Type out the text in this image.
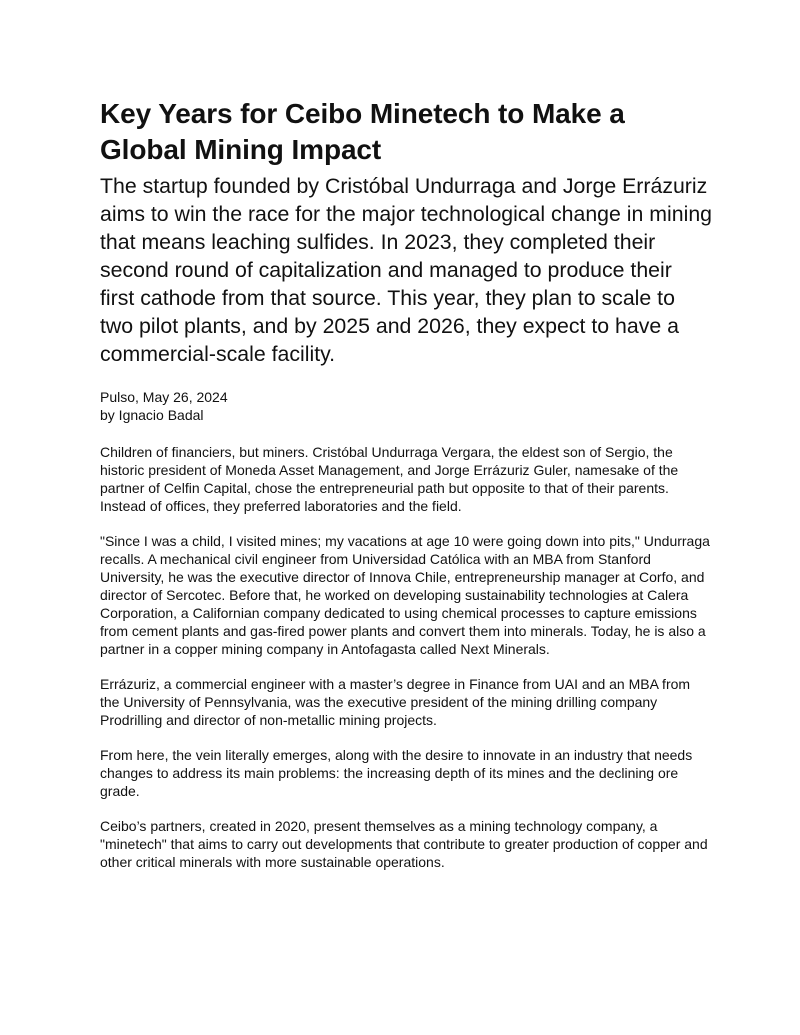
Key Years for Ceibo Minetech to Make a Global Mining Impact
The startup founded by Cristóbal Undurraga and Jorge Errázuriz aims to win the race for the major technological change in mining that means leaching sulfides. In 2023, they completed their second round of capitalization and managed to produce their first cathode from that source. This year, they plan to scale to two pilot plants, and by 2025 and 2026, they expect to have a commercial-scale facility.
Pulso, May 26, 2024
by Ignacio Badal

Children of financiers, but miners. Cristóbal Undurraga Vergara, the eldest son of Sergio, the historic president of Moneda Asset Management, and Jorge Errázuriz Guler, namesake of the partner of Celfin Capital, chose the entrepreneurial path but opposite to that of their parents. Instead of offices, they preferred laboratories and the field.

"Since I was a child, I visited mines; my vacations at age 10 were going down into pits," Undurraga recalls. A mechanical civil engineer from Universidad Católica with an MBA from Stanford University, he was the executive director of Innova Chile, entrepreneurship manager at Corfo, and director of Sercotec. Before that, he worked on developing sustainability technologies at Calera Corporation, a Californian company dedicated to using chemical processes to capture emissions from cement plants and gas-fired power plants and convert them into minerals. Today, he is also a partner in a copper mining company in Antofagasta called Next Minerals.

Errázuriz, a commercial engineer with a master’s degree in Finance from UAI and an MBA from the University of Pennsylvania, was the executive president of the mining drilling company Prodrilling and director of non-metallic mining projects.

From here, the vein literally emerges, along with the desire to innovate in an industry that needs changes to address its main problems: the increasing depth of its mines and the declining ore grade.

Ceibo’s partners, created in 2020, present themselves as a mining technology company, a "minetech" that aims to carry out developments that contribute to greater production of copper and other critical minerals with more sustainable operations.
